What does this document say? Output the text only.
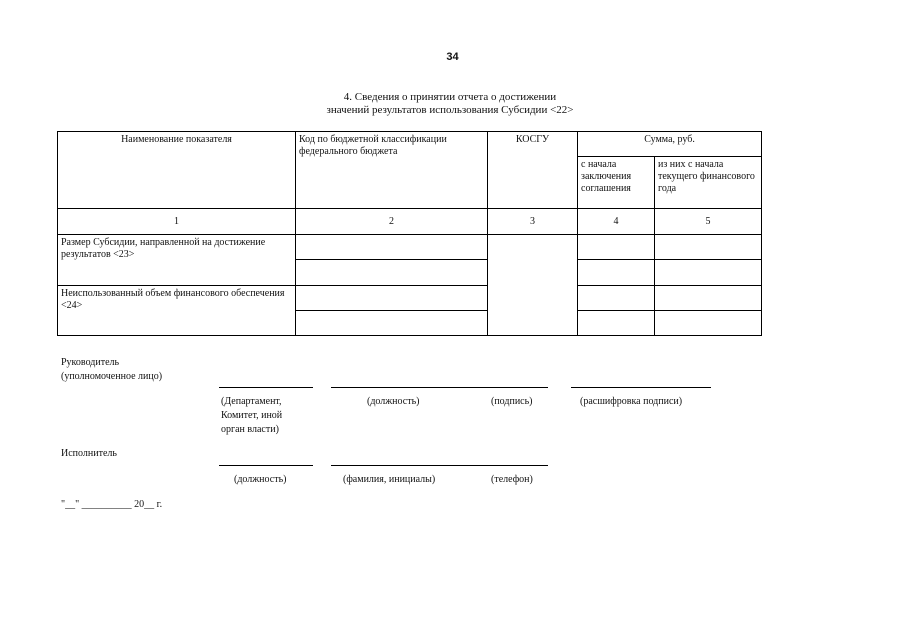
34
4. Сведения о принятии отчета о достижении
значений результатов использования Субсидии <22>
Наименование показателя	Код по бюджетной классификации федерального бюджета	КОСГУ	Сумма, руб.	
			с начала заключения соглашения	из них с начала текущего финансового года
1	2	3	4	5
Размер Субсидии, направленной на достижение результатов <23>				

Неиспользованный объем финансового обеспечения <24>				

Руководитель
(уполномоченное лицо)
(Департамент,
Комитет, иной
орган власти)
(должность)	(подпись)	(расшифровка подписи)
Исполнитель
(должность)	(фамилия, инициалы)	(телефон)
"__" __________ 20__ г.
